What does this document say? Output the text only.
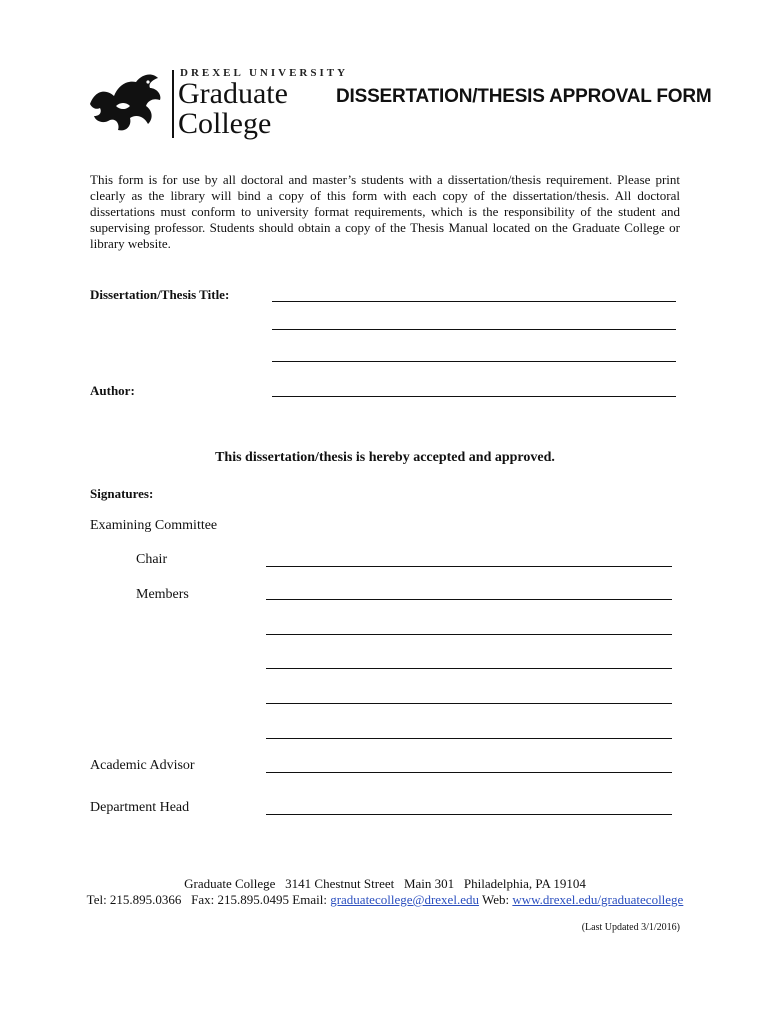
DREXEL UNIVERSITY
Graduate
College
DISSERTATION/THESIS APPROVAL FORM
This form is for use by all doctoral and master’s students with a dissertation/thesis requirement. Please print clearly as the library will bind a copy of this form with each copy of the dissertation/thesis. All doctoral dissertations must conform to university format requirements, which is the responsibility of the student and supervising professor. Students should obtain a copy of the Thesis Manual located on the Graduate College or library website.
Dissertation/Thesis Title:
Author:
This dissertation/thesis is hereby accepted and approved.
Signatures:
Examining Committee
Chair
Members
Academic Advisor
Department Head
Graduate College   3141 Chestnut Street   Main 301   Philadelphia, PA 19104
Tel: 215.895.0366   Fax: 215.895.0495 Email: graduatecollege@drexel.edu Web: www.drexel.edu/graduatecollege
(Last Updated 3/1/2016)
